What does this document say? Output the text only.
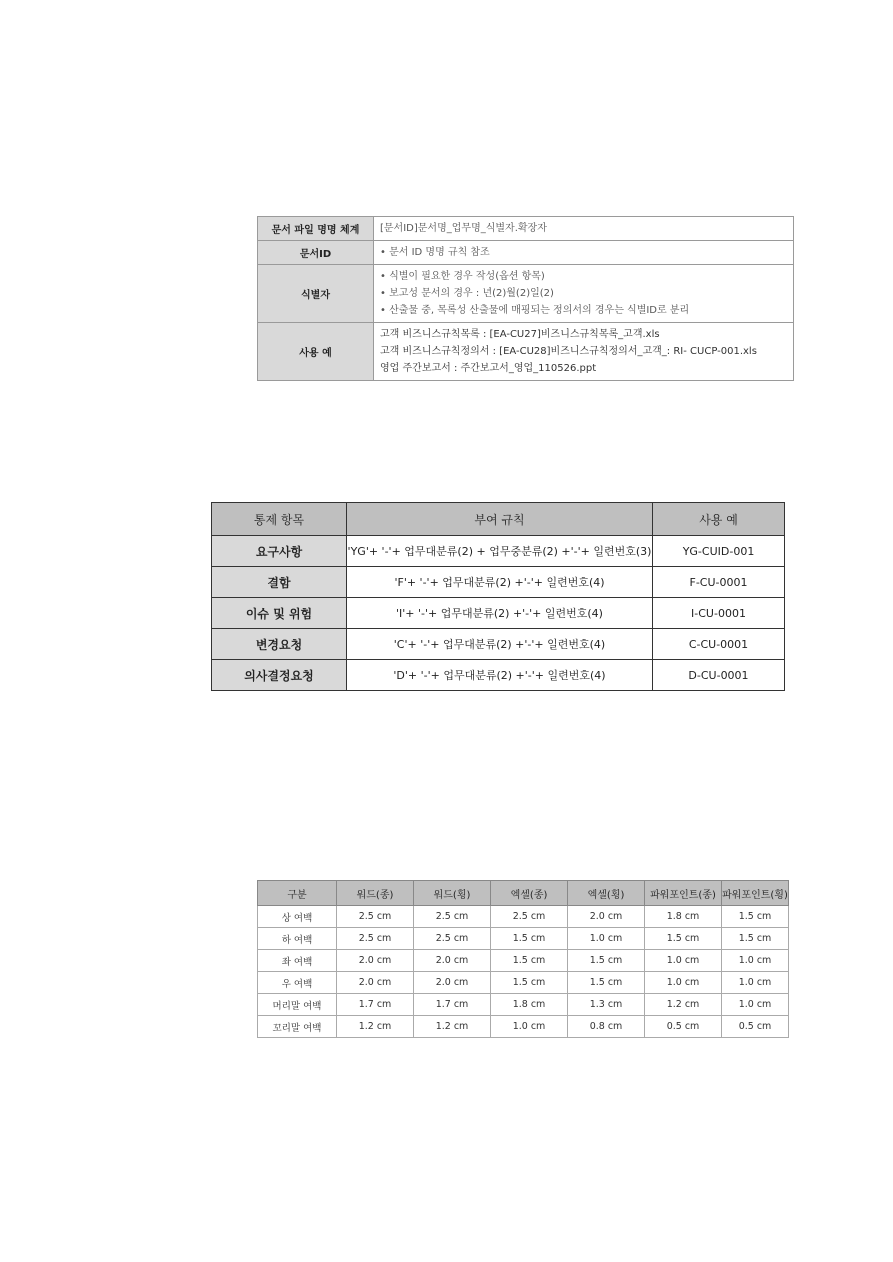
문서 파일 명명 체계	[문서ID]문서명_업무명_식별자.확장자

문서ID	• 문서 ID 명명 규칙 참조

식별자	• 식별이 필요한 경우 작성(옵션 항목)
• 보고성 문서의 경우 : 년(2)월(2)일(2)
• 산출물 중, 목록성 산출물에 매핑되는 정의서의 경우는 식별ID로 분리

사용 예	고객 비즈니스규칙목록 : [EA-CU27]비즈니스규칙목록_고객.xls
고객 비즈니스규칙정의서 : [EA-CU28]비즈니스규칙정의서_고객_: RI- CUCP-001.xls
영업 주간보고서 : 주간보고서_영업_110526.ppt
통제 항목	부여 규칙	사용 예
요구사항	'YG'+ '-'+ 업무대분류(2) + 업무중분류(2) +'-'+ 일련번호(3)	YG-CUID-001
결함	'F'+ '-'+ 업무대분류(2) +'-'+ 일련번호(4)	F-CU-0001
이슈 및 위험	'I'+ '-'+ 업무대분류(2) +'-'+ 일련번호(4)	I-CU-0001
변경요청	'C'+ '-'+ 업무대분류(2) +'-'+ 일련번호(4)	C-CU-0001
의사결정요청	'D'+ '-'+ 업무대분류(2) +'-'+ 일련번호(4)	D-CU-0001
구분	워드(종)	워드(횡)	엑셀(종)	엑셀(횡)	파워포인트(종)	파워포인트(횡)
상 여백	2.5 cm	2.5 cm	2.5 cm	2.0 cm	1.8 cm	1.5 cm
하 여백	2.5 cm	2.5 cm	1.5 cm	1.0 cm	1.5 cm	1.5 cm
좌 여백	2.0 cm	2.0 cm	1.5 cm	1.5 cm	1.0 cm	1.0 cm
우 여백	2.0 cm	2.0 cm	1.5 cm	1.5 cm	1.0 cm	1.0 cm
머리말 여백	1.7 cm	1.7 cm	1.8 cm	1.3 cm	1.2 cm	1.0 cm
꼬리말 여백	1.2 cm	1.2 cm	1.0 cm	0.8 cm	0.5 cm	0.5 cm
